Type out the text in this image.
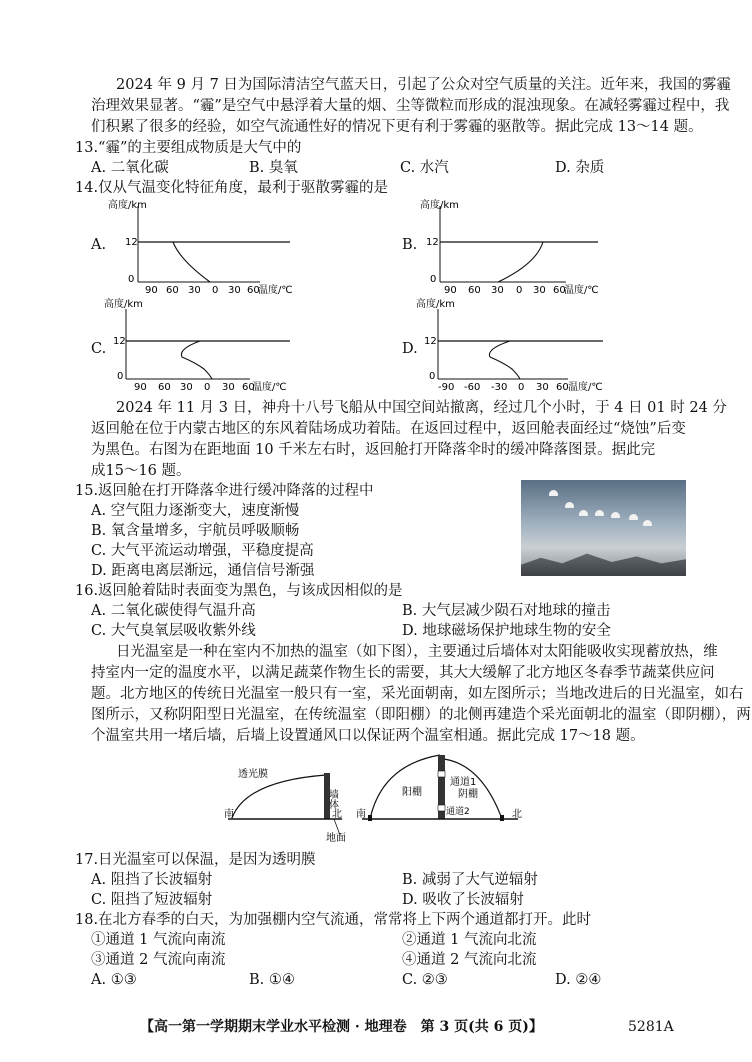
2024 年 9 月 7 日为国际清洁空气蓝天日，引起了公众对空气质量的关注。近年来，我国的雾霾
治理效果显著。“霾”是空气中悬浮着大量的烟、尘等微粒而形成的混浊现象。在减轻雾霾过程中，我
们积累了很多的经验，如空气流通性好的情况下更有利于雾霾的驱散等。据此完成 13～14 题。
13.“霾”的主要组成物质是大气中的
A. 二氧化碳	B. 臭氧	C. 水汽	D. 杂质
14.仅从气温变化特征角度，最利于驱散雾霾的是
A.
高度/km
12
0
90 60 30 0 30 60
温度/℃
B.
高度/km
12
0
90 60 30 0 30 60
温度/℃
C.
高度/km
12
0
90 60 30 0 30 60
温度/℃
D.
高度/km
12
0
-90 -60 -30 0 30 60 温度/℃
2024 年 11 月 3 日，神舟十八号飞船从中国空间站撤离，经过几个小时，于 4 日 01 时 24 分
返回舱在位于内蒙古地区的东风着陆场成功着陆。在返回过程中，返回舱表面经过“烧蚀”后变
为黑色。右图为在距地面 10 千米左右时，返回舱打开降落伞时的缓冲降落图景。据此完
成15～16 题。
15.返回舱在打开降落伞进行缓冲降落的过程中
A. 空气阻力逐渐变大，速度渐慢
B. 氧含量增多，宇航员呼吸顺畅
C. 大气平流运动增强，平稳度提高
D. 距离电离层渐远，通信信号渐强
16.返回舱着陆时表面变为黑色，与该成因相似的是
A. 二氧化碳使得气温升高	B. 大气层减少陨石对地球的撞击
C. 大气臭氧层吸收紫外线	D. 地球磁场保护地球生物的安全
日光温室是一种在室内不加热的温室（如下图），主要通过后墙体对太阳能吸收实现蓄放热，维
持室内一定的温度水平，以满足蔬菜作物生长的需要，其大大缓解了北方地区冬春季节蔬菜供应问
题。北方地区的传统日光温室一般只有一室，采光面朝南，如左图所示；当地改进后的日光温室，如右
图所示，又称阴阳型日光温室，在传统温室（即阳棚）的北侧再建造个采光面朝北的温室（即阴棚），两
个温室共用一堵后墙，后墙上设置通风口以保证两个温室相通。据此完成 17～18 题。
透光膜
墙体
南	北
地面
阳棚
通道1
阴棚
通道2
南	北
17.日光温室可以保温，是因为透明膜
A. 阻挡了长波辐射	B. 减弱了大气逆辐射
C. 阻挡了短波辐射	D. 吸收了长波辐射
18.在北方春季的白天，为加强棚内空气流通，常常将上下两个通道都打开。此时
①通道 1 气流向南流	②通道 1 气流向北流
③通道 2 气流向南流	④通道 2 气流向北流
A. ①③	B. ①④	C. ②③	D. ②④
【高一第一学期期末学业水平检测 · 地理卷　第 3 页(共 6 页)】	5281A
